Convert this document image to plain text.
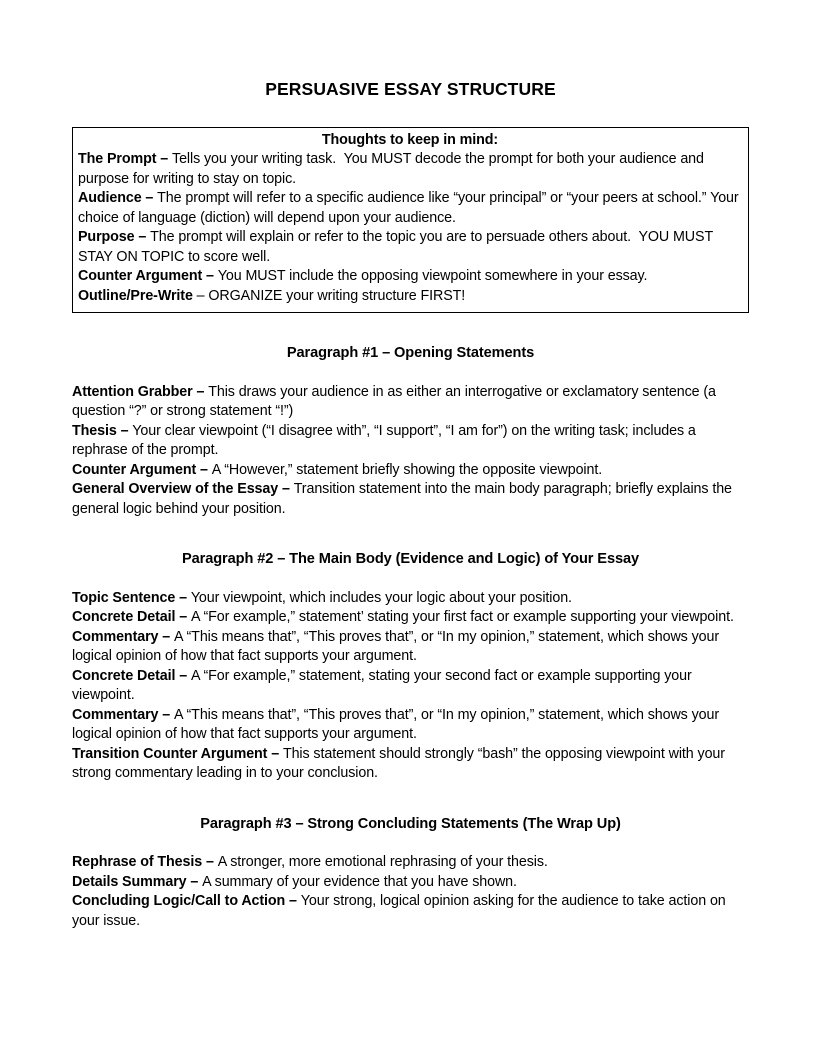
PERSUASIVE ESSAY STRUCTURE

Thoughts to keep in mind:

The Prompt – Tells you your writing task.  You MUST decode the prompt for both your audience and purpose for writing to stay on topic.

Audience – The prompt will refer to a specific audience like “your principal” or “your peers at school.” Your choice of language (diction) will depend upon your audience.

Purpose – The prompt will explain or refer to the topic you are to persuade others about.  YOU MUST STAY ON TOPIC to score well.

Counter Argument – You MUST include the opposing viewpoint somewhere in your essay.

Outline/Pre-Write – ORGANIZE your writing structure FIRST!

Paragraph #1 – Opening Statements

Attention Grabber – This draws your audience in as either an interrogative or exclamatory sentence (a question “?” or strong statement “!”)

Thesis – Your clear viewpoint (“I disagree with”, “I support”, “I am for”) on the writing task; includes a rephrase of the prompt.

Counter Argument – A “However,” statement briefly showing the opposite viewpoint.

General Overview of the Essay – Transition statement into the main body paragraph; briefly explains the general logic behind your position.

Paragraph #2 – The Main Body (Evidence and Logic) of Your Essay

Topic Sentence – Your viewpoint, which includes your logic about your position.

Concrete Detail – A “For example,” statement’ stating your first fact or example supporting your viewpoint.

Commentary – A “This means that”, “This proves that”, or “In my opinion,” statement, which shows your logical opinion of how that fact supports your argument.

Concrete Detail – A “For example,” statement, stating your second fact or example supporting your viewpoint.

Commentary – A “This means that”, “This proves that”, or “In my opinion,” statement, which shows your logical opinion of how that fact supports your argument.

Transition Counter Argument – This statement should strongly “bash” the opposing viewpoint with your strong commentary leading in to your conclusion.

Paragraph #3 – Strong Concluding Statements (The Wrap Up)

Rephrase of Thesis – A stronger, more emotional rephrasing of your thesis.

Details Summary – A summary of your evidence that you have shown.

Concluding Logic/Call to Action – Your strong, logical opinion asking for the audience to take action on your issue.
